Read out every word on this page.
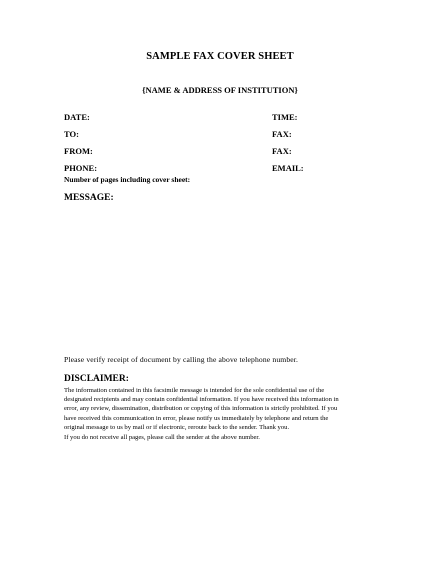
SAMPLE FAX COVER SHEET
{NAME & ADDRESS OF INSTITUTION}
DATE:
TO:
FROM:
PHONE:
TIME:
FAX:
FAX:
EMAIL:
Number of pages including cover sheet:
MESSAGE:
Please verify receipt of document by calling the above telephone number.
DISCLAIMER:
The information contained in this facsimile message is intended for the sole confidential use of the
designated recipients and may contain confidential information. If you have received this information in
error, any review, dissemination, distribution or copying of this information is strictly prohibited. If you
have received this communication in error, please notify us immediately by telephone and return the
original message to us by mail or if electronic, reroute back to the sender. Thank you.
If you do not receive all pages, please call the sender at the above number.
